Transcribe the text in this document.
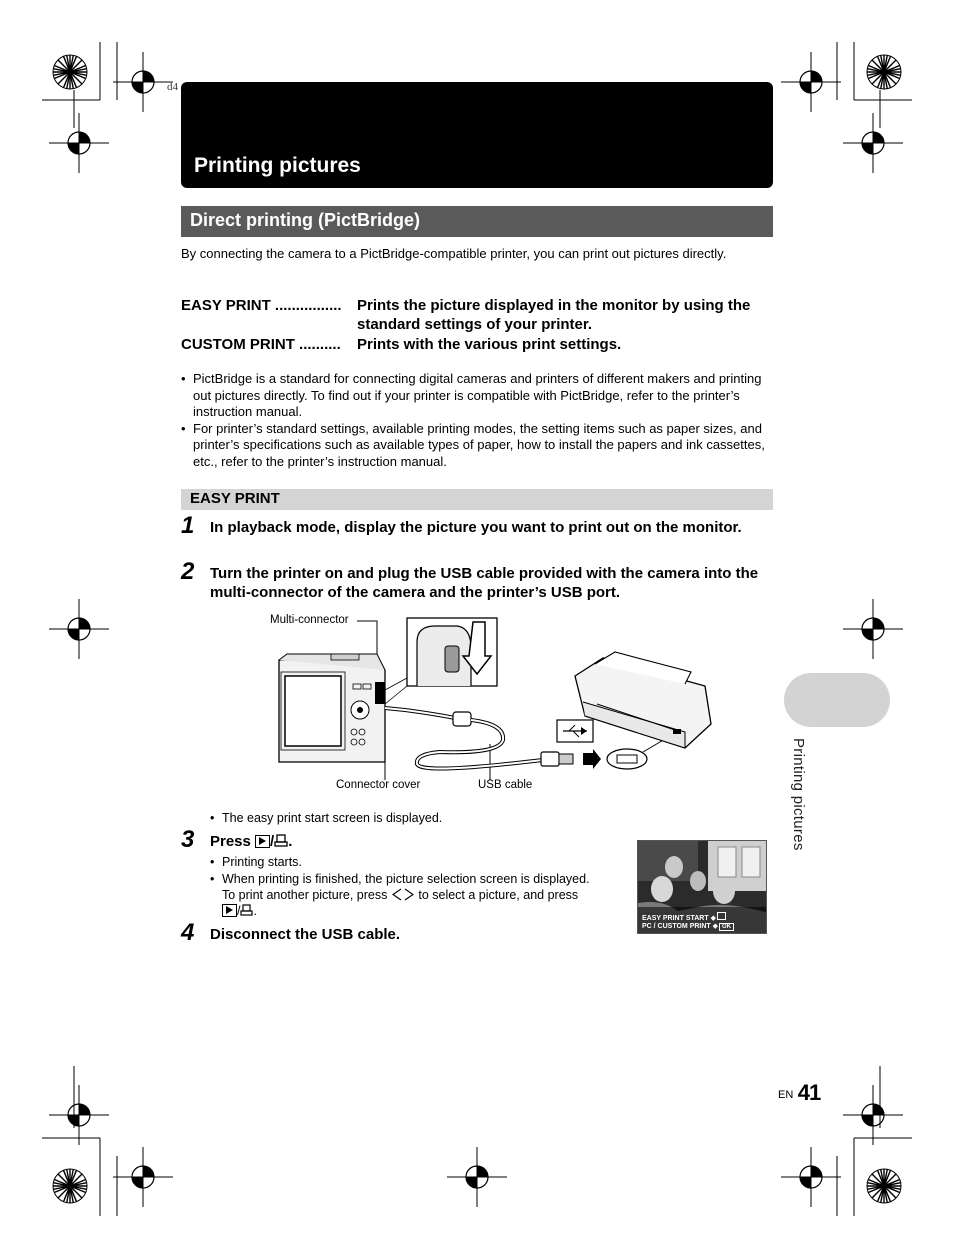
d4
Printing pictures
Direct printing (PictBridge)
By connecting the camera to a PictBridge-compatible printer, you can print out pictures directly.
EASY PRINT ................	Prints the picture displayed in the monitor by using the standard settings of your printer.
CUSTOM PRINT ..........	Prints with the various print settings.
• PictBridge is a standard for connecting digital cameras and printers of different makers and printing out pictures directly. To find out if your printer is compatible with PictBridge, refer to the printer’s instruction manual.
• For printer’s standard settings, available printing modes, the setting items such as paper sizes, and printer’s specifications such as available types of paper, how to install the papers and ink cassettes, etc., refer to the printer’s instruction manual.
EASY PRINT
1 In playback mode, display the picture you want to print out on the monitor.
2 Turn the printer on and plug the USB cable provided with the camera into the multi-connector of the camera and the printer’s USB port.
Multi-connector
Connector cover	USB cable
• The easy print start screen is displayed.
3 Press / .
• Printing starts.
• When printing is finished, the picture selection screen is displayed.
To print another picture, press to select a picture, and press

/ .
EASY PRINT START ◆
PC / CUSTOM PRINT ◆ OK
4 Disconnect the USB cable.
Printing pictures
EN 41
